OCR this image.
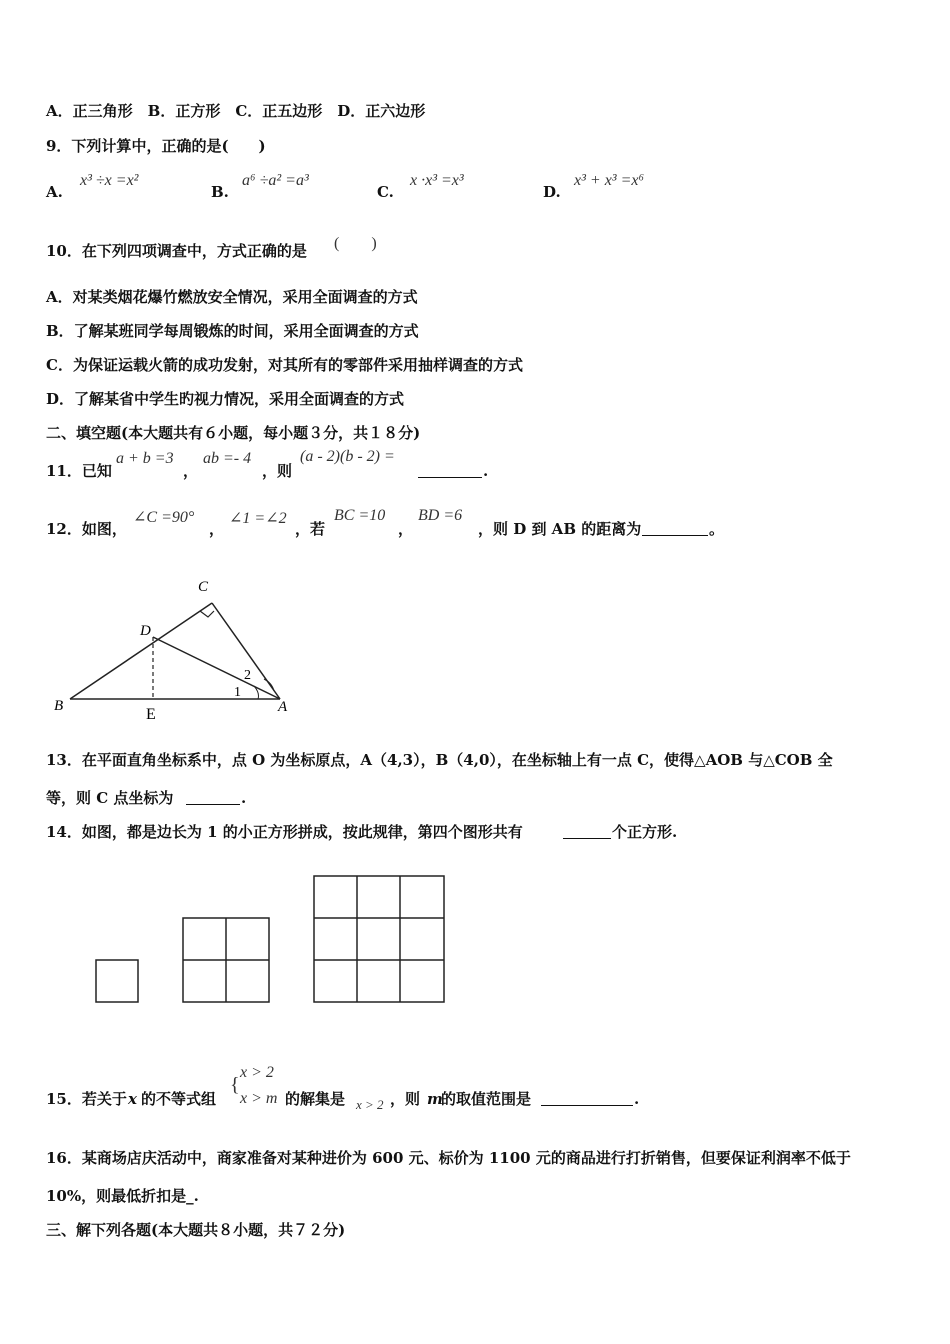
A．正三角形　B．正方形　C．正五边形　D．正六边形
9．下列计算中，正确的是(　　)
A.
x³ ÷x =x²
B.
a⁶ ÷a² =a³
C.
x ·x³ =x³
D.
x³ + x³ =x⁶
10．在下列四项调查中，方式正确的是 (　　)
A．对某类烟花爆竹燃放安全情况，采用全面调查的方式
B．了解某班同学每周锻炼的时间，采用全面调查的方式
C．为保证运载火箭的成功发射，对其所有的零部件采用抽样调查的方式
D．了解某省中学生旳视力情况，采用全面调查的方式
二、填空题(本大题共有６小题，每小题３分，共１８分)
11．已知
a + b =3
，
ab =- 4
，则
(a - 2)(b - 2) =
.
12．如图，
∠C =90°
，
∠1 =∠2
，若
BC =10
，
BD =6
，则 D 到 AB 的距离为	。
C
D
B	E	A
1
2
13．在平面直角坐标系中，点 O 为坐标原点，A（4,3），B（4,0），在坐标轴上有一点 C，使得△AOB 与△COB 全
等，则 C 点坐标为	.
14．如图，都是边长为 1 的小正方形拼成，按此规律，第四个图形共有	个正方形.
15．若关于 x 的不等式组
{
x > 2
x > m 的解集是 x > 2 ，则 m
的取值范围是	.
16．某商场店庆活动中，商家准备对某种进价为 600 元、标价为 1100 元的商品进行打折销售，但要保证利润率不低于
10%，则最低折扣是_.
三、解下列各题(本大题共８小题，共７２分)
